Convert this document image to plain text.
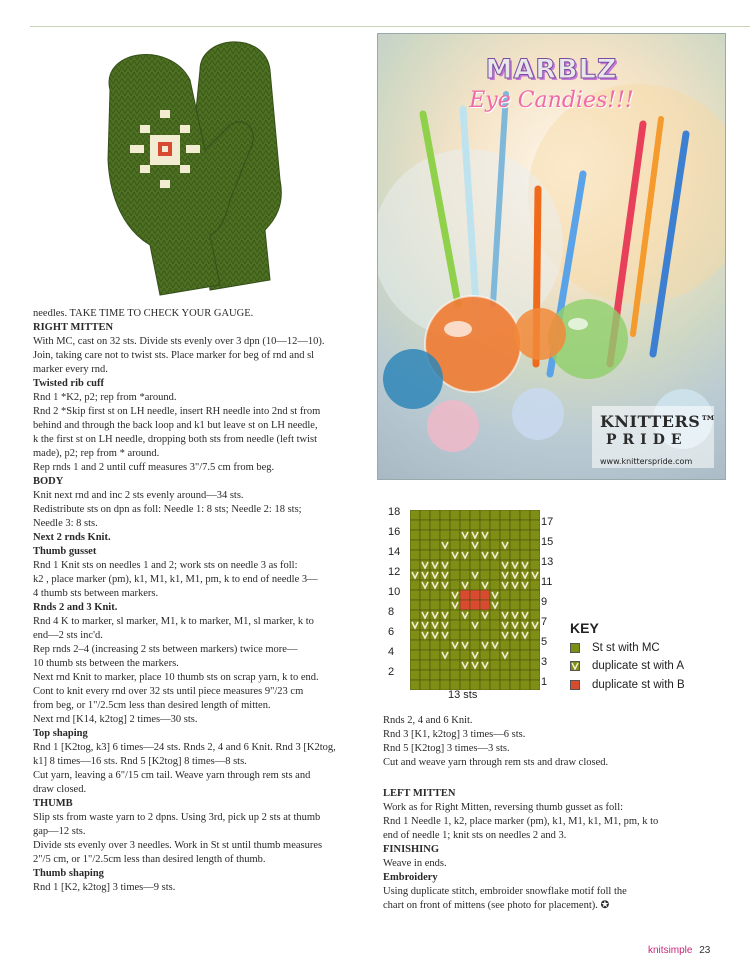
MARBLZ
Eye Candies!!!
KNITTERS™
PRIDE
www.knitterspride.com

needles. TAKE TIME TO CHECK YOUR GAUGE.

RIGHT MITTEN

With MC, cast on 32 sts. Divide sts evenly over 3 dpn (10—12—10).

Join, taking care not to twist sts. Place marker for beg of rnd and sl

marker every rnd.

Twisted rib cuff

Rnd 1 *K2, p2; rep from *around.

Rnd 2 *Skip first st on LH needle, insert RH needle into 2nd st from

behind and through the back loop and k1 but leave st on LH needle,

k the first st on LH needle, dropping both sts from needle (left twist

made), p2; rep from * around.

Rep rnds 1 and 2 until cuff measures 3"/7.5 cm from beg.

BODY

Knit next rnd and inc 2 sts evenly around—34 sts.

Redistribute sts on dpn as foll: Needle 1: 8 sts; Needle 2: 18 sts;

Needle 3: 8 sts.

Next 2 rnds Knit.

Thumb gusset

Rnd 1 Knit sts on needles 1 and 2; work sts on needle 3 as foll:

k2 , place marker (pm), k1, M1, k1, M1, pm, k to end of needle 3—

4 thumb sts between markers.

Rnds 2 and 3 Knit.

Rnd 4 K to marker, sl marker, M1, k to marker, M1, sl marker, k to

end—2 sts inc'd.

Rep rnds 2–4 (increasing 2 sts between markers) twice more—

10 thumb sts between the markers.

Next rnd Knit to marker, place 10 thumb sts on scrap yarn, k to end.

Cont to knit every rnd over 32 sts until piece measures 9"/23 cm

from beg, or 1"/2.5cm less than desired length of mitten.

Next rnd [K14, k2tog] 2 times—30 sts.

Top shaping

Rnd 1 [K2tog, k3] 6 times—24 sts. Rnds 2, 4 and 6 Knit. Rnd 3 [K2tog,

k1] 8 times—16 sts. Rnd 5 [K2tog] 8 times—8 sts.

Cut yarn, leaving a 6"/15 cm tail. Weave yarn through rem sts and

draw closed.

THUMB

Slip sts from waste yarn to 2 dpns. Using 3rd, pick up 2 sts at thumb

gap—12 sts.

Divide sts evenly over 3 needles. Work in St st until thumb measures

2"/5 cm, or 1"/2.5cm less than desired length of thumb.

Thumb shaping

Rnd 1 [K2, k2tog] 3 times—9 sts.

18
16
14
12
10
8
6
4
2
17
15
13
11
9
7
5
3
1
13 sts
KEY
St st with MC
duplicate st with A
duplicate st with B

Rnds 2, 4 and 6 Knit.

Rnd 3 [K1, k2tog] 3 times—6 sts.

Rnd 5 [K2tog] 3 times—3 sts.

Cut and weave yarn through rem sts and draw closed.

LEFT MITTEN

Work as for Right Mitten, reversing thumb gusset as foll:

Rnd 1 Needle 1, k2, place marker (pm), k1, M1, k1, M1, pm, k to

end of needle 1; knit sts on needles 2 and 3.

FINISHING

Weave in ends.

Embroidery

Using duplicate stitch, embroider snowflake motif foll the

chart on front of mittens (see photo for placement). ✪

knitsimple 23
